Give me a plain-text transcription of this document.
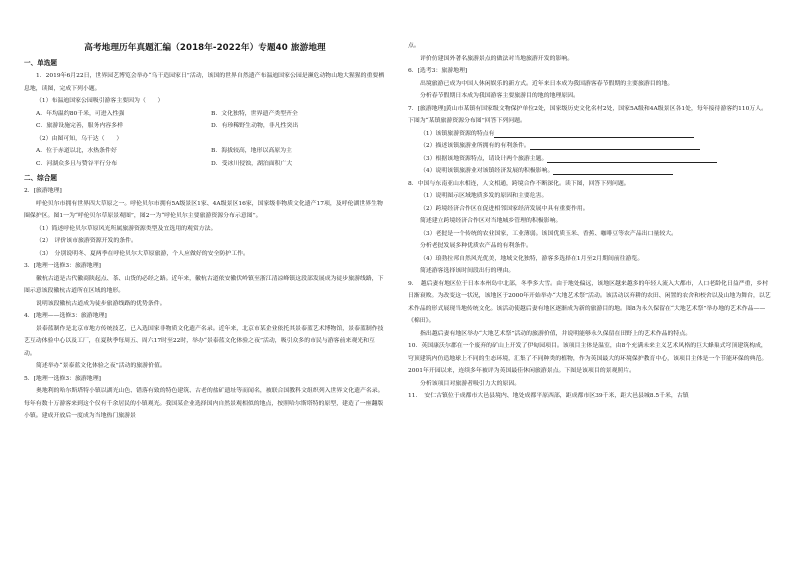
高考地理历年真题汇编（2018年-2022年）专题40 旅游地理
一、单选题

1．2019年6月22日，世界园艺博览会举办“乌干造园家日”活动，该国的世界自然遗产布温迪国家公园是濒危动物山地大猩猩的重要栖息地，读图，完成下列小题。

（1）布温迪国家公园吸引游客主要因为（　　）

A．年均温约80千米，可进入性强	B．文化独特，世界遗产类型齐全
C．旅游设施完善，服务内容多样	D．有珍稀野生动物，非凡性突出

（2）由图可知，乌干达（　　）

A．位于赤道以北，水热条件好	B．海拔较高，地形以高原为主
C．河湖众多且与赞谷平行分布	D．受冰川侵蚀，湖泊面积广大
二、综合题

2．[旅游地理]

呼伦贝尔市拥有世界四大草原之一。呼伦贝尔市拥有5A级景区1家、4A级景区16家，国家级非物质文化遗产17项，及呼伦湖世界生物圈保护区。图1一为“呼伦贝尔草原景观图”，图2一为“呼伦贝尔主要旅游资源分布示意图”。

（1）简述呼伦贝尔草原风光所属旅游资源类型及宜选用的观赏方法。

（2）　评价该市旅游资源开发的条件。

（3）　分别说明冬、夏两季在呼伦贝尔大草原旅游，个人应做好的安全防护工作。

3．[地理一选修3：旅游地理]

徽杭古道是古代徽商陕起点、茶、山货的必经之路。近年来，徽杭古道依安徽伏岭镇至浙江清凉峰镇这段部发展成为徒步旅游线路，下图示意该段徽杭古道所在区域的地形。

说明该段徽杭古道成为徒步旅游线路的优势条件。

4．[地理——选修3：旅游地理]

景泰蓝制作是北京市地方传统技艺，已入选国家非物质文化遗产名录。近年来，北京市某企业依托其景泰蓝艺术博物馆，景泰蓝制作技艺互动体验中心以及工厂，在夏秋季每周五、周六17时至22时，举办“景泰蓝文化体验之夜”活动，吸引众多的市民与游客前来观光和互动。

简述举办“景泰蓝文化体验之夜”活动的旅游价值。

5．[地理一选修3：旅游地理]

奥地利的哈尔斯塔特小镇以湖光山色、错落有致的特色建筑、古老的盐矿遗址等而闻名，被联合国教科文组织列入世界文化遗产名录。每年有数十万游客来到这个仅有千余居民的小镇观光。我国某企业选择国内自然景观相似的地点，按照哈尔斯塔特的原型，建造了一座翻版小镇。建成开放后一度成为当地热门旅游景

点。

评价仿建国外著名旅游景点的做法对当地旅游开发的影响。

6．[选考3：旅游地理]

出境旅游已成为中国人休闲娱乐的新方式。近年来日本成为我国游客春节假期的主要旅游目的地。

分析春节假期日本成为我国游客主要旅游目的地的地理原因。

7．[旅游地理]黄山市某镇有国家级文物保护单位2处，国家级历史文化名村2处，国家5A级和4A级景区各1处，每年接待游客约110万人。下图为“某镇旅游资源分布图”回答下列问题。

（1）该镇旅游资源的特点有

（2）描述该镇旅游业所拥有的有利条件。

（3）根据该地资源特点，请设计两个旅游主题。

（4）说明该镇旅游业对该镇经济发展的积极影响。

8．中国与东南亚山水相连，人文相通，跨境合作不断深化。读下图，回答下列问题。

（1）说明图示区域地质多发的原因和主要危害。

（2）跨境经济合作区在促进相邻国家经济发展中具有重要作用。

简述建立跨境经济合作区对当地城乡管理的积极影响。

（3）老挝是一个传统的农业国家，工业薄弱。该国优质玉米、香蕉、咖啡豆等农产品出口量较大。

分析老挝发展多种优质农产品的有利条件。

（4）琅勃拉邦自然风光优美，地域文化独特，游客多选择在1月至2月期间前往游览。

简述游客选择该时间段出行的理由。

9．　越后妻有地区位于日本本州岛中北部，冬季多大雪。由于地处偏远，该地区越来越多的年轻人流入大都市，人口老龄化日益严重，乡村日渐衰败。为改变这一状况，该地区于2000年开始举办“大地艺术祭”活动。该活动以弃耕的农田、闲置的农舍和校舍以及山地为舞台，以艺术作品的形式展现当地传统文化。该活动使越后妻有地区逐渐成为新的旅游目的地。图8为永久保留在“大地艺术祭”举办地的艺术作品——《棉田》。

指出越后妻有地区举办“大地艺术祭”活动的旅游价值，并说明能够永久保留在田野上的艺术作品的特点。

10．英国康沃尔郡在一个废弃的矿山上开发了伊甸园项目。该项目主体是温室，由8个充满未来主义艺术风格的巨大蜂巢式穹顶建筑构成，穹顶建筑内仿造地球上不同的生态环境，汇集了不同种类的植物，作为英国最大的环境保护教育中心，该项目主体是一个节能环保的典范。2001年开园以来，连续多年被评为英国最佳休闲旅游景点。下图是该项目的景观照片。

分析该项目对旅游者吸引力大的原因。

11．　安仁古镇位于成都市大邑县境内、地处成都平原西部，距成都市区39千米，距大邑县城8.5千米，古镇
